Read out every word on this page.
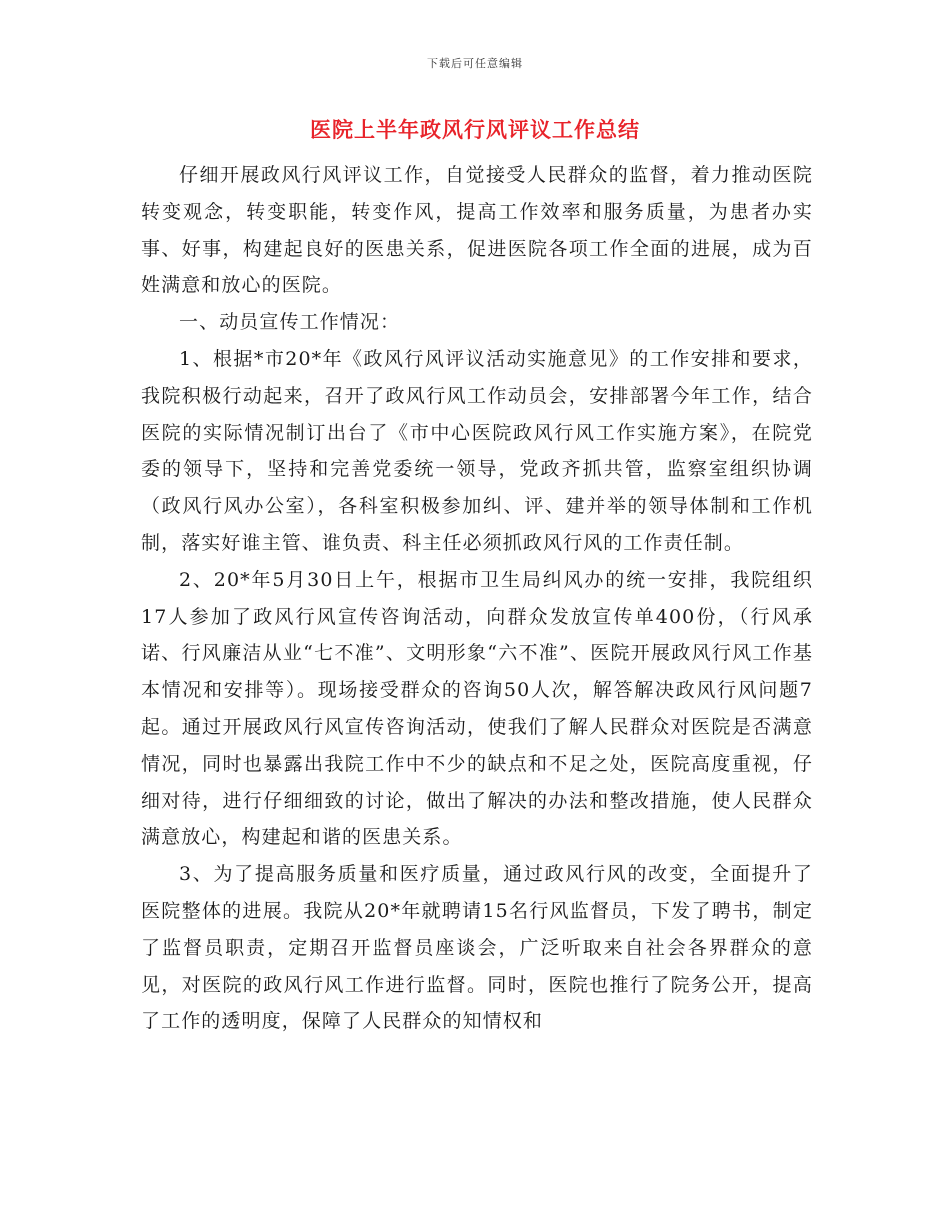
下载后可任意编辑
医院上半年政风行风评议工作总结

仔细开展政风行风评议工作，自觉接受人民群众的监督，着力推动医院转变观念，转变职能，转变作风，提高工作效率和服务质量，为患者办实事、好事，构建起良好的医患关系，促进医院各项工作全面的进展，成为百姓满意和放心的医院。

一、动员宣传工作情况：

1、根据*市20*年《政风行风评议活动实施意见》的工作安排和要求，我院积极行动起来，召开了政风行风工作动员会，安排部署今年工作，结合医院的实际情况制订出台了《市中心医院政风行风工作实施方案》，在院党委的领导下，坚持和完善党委统一领导，党政齐抓共管，监察室组织协调（政风行风办公室），各科室积极参加纠、评、建并举的领导体制和工作机制，落实好谁主管、谁负责、科主任必须抓政风行风的工作责任制。

2、20*年5月30日上午，根据市卫生局纠风办的统一安排，我院组织17人参加了政风行风宣传咨询活动，向群众发放宣传单400份，（行风承诺、行风廉洁从业“七不准”、文明形象“六不准”、医院开展政风行风工作基本情况和安排等）。现场接受群众的咨询50人次，解答解决政风行风问题7起。通过开展政风行风宣传咨询活动，使我们了解人民群众对医院是否满意情况，同时也暴露出我院工作中不少的缺点和不足之处，医院高度重视，仔细对待，进行仔细细致的讨论，做出了解决的办法和整改措施，使人民群众满意放心，构建起和谐的医患关系。

3、为了提高服务质量和医疗质量，通过政风行风的改变，全面提升了医院整体的进展。我院从20*年就聘请15名行风监督员，下发了聘书，制定了监督员职责，定期召开监督员座谈会，广泛听取来自社会各界群众的意见，对医院的政风行风工作进行监督。同时，医院也推行了院务公开，提高了工作的透明度，保障了人民群众的知情权和
